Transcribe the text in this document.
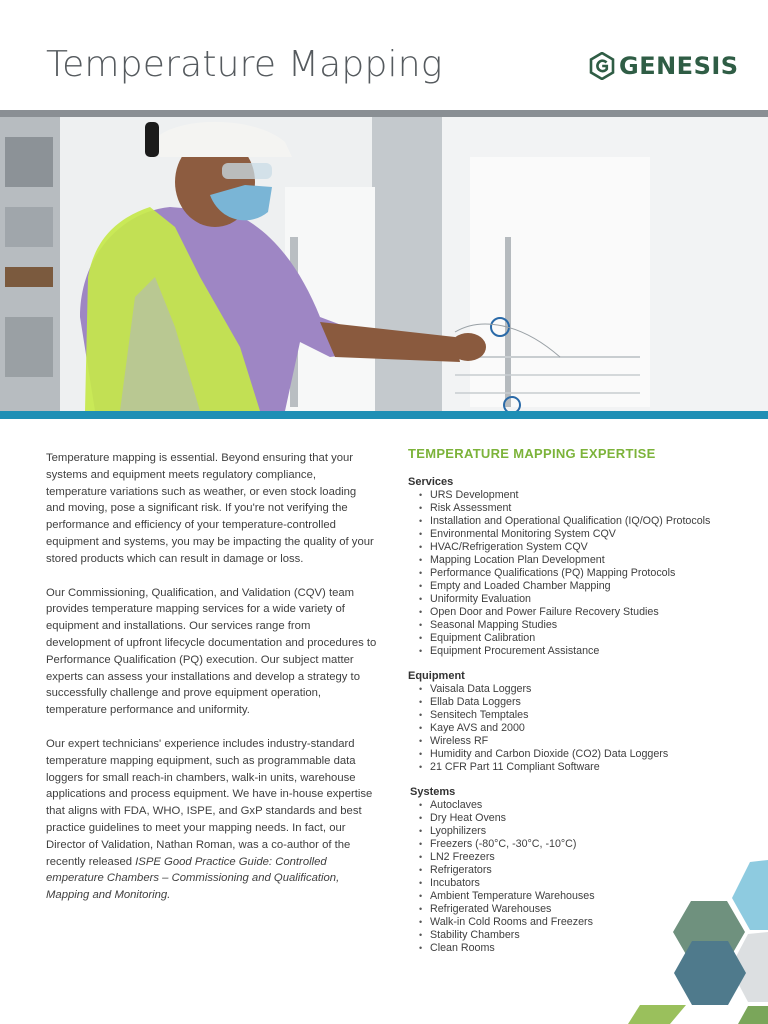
Temperature Mapping	GENESIS

Temperature mapping is essential. Beyond ensuring that your systems and equipment meets regulatory compliance, temperature variations such as weather, or even stock loading and moving, pose a significant risk. If you're not verifying the performance and efficiency of your temperature-controlled equipment and systems, you may be impacting the quality of your stored products which can result in damage or loss.

Our Commissioning, Qualification, and Validation (CQV) team provides temperature mapping services for a wide variety of equipment and installations. Our services range from development of upfront lifecycle documentation and procedures to Performance Qualification (PQ) execution. Our subject matter experts can assess your installations and develop a strategy to successfully challenge and prove equipment operation, temperature performance and uniformity.

Our expert technicians' experience includes industry-standard temperature mapping equipment, such as programmable data loggers for small reach-in chambers, walk-in units, warehouse applications and process equipment. We have in-house expertise that aligns with FDA, WHO, ISPE, and GxP standards and best practice guidelines to meet your mapping needs. In fact, our Director of Validation, Nathan Roman, was a co-author of the recently released ISPE Good Practice Guide: Controlled emperature Chambers – Commissioning and Qualification, Mapping and Monitoring.

TEMPERATURE MAPPING EXPERTISE
Services
• URS Development
• Risk Assessment
• Installation and Operational Qualification (IQ/OQ) Protocols
• Environmental Monitoring System CQV
• HVAC/Refrigeration System CQV
• Mapping Location Plan Development
• Performance Qualifications (PQ) Mapping Protocols
• Empty and Loaded Chamber Mapping
• Uniformity Evaluation
• Open Door and Power Failure Recovery Studies
• Seasonal Mapping Studies
• Equipment Calibration
• Equipment Procurement Assistance
Equipment
• Vaisala Data Loggers
• Ellab Data Loggers
• Sensitech Temptales
• Kaye AVS and 2000
• Wireless RF
• Humidity and Carbon Dioxide (CO2) Data Loggers
• 21 CFR Part 11 Compliant Software
Systems
• Autoclaves
• Dry Heat Ovens
• Lyophilizers
• Freezers (-80°C, -30°C, -10°C)
• LN2 Freezers
• Refrigerators
• Incubators
• Ambient Temperature Warehouses
• Refrigerated Warehouses
• Walk-in Cold Rooms and Freezers
• Stability Chambers
• Clean Rooms
